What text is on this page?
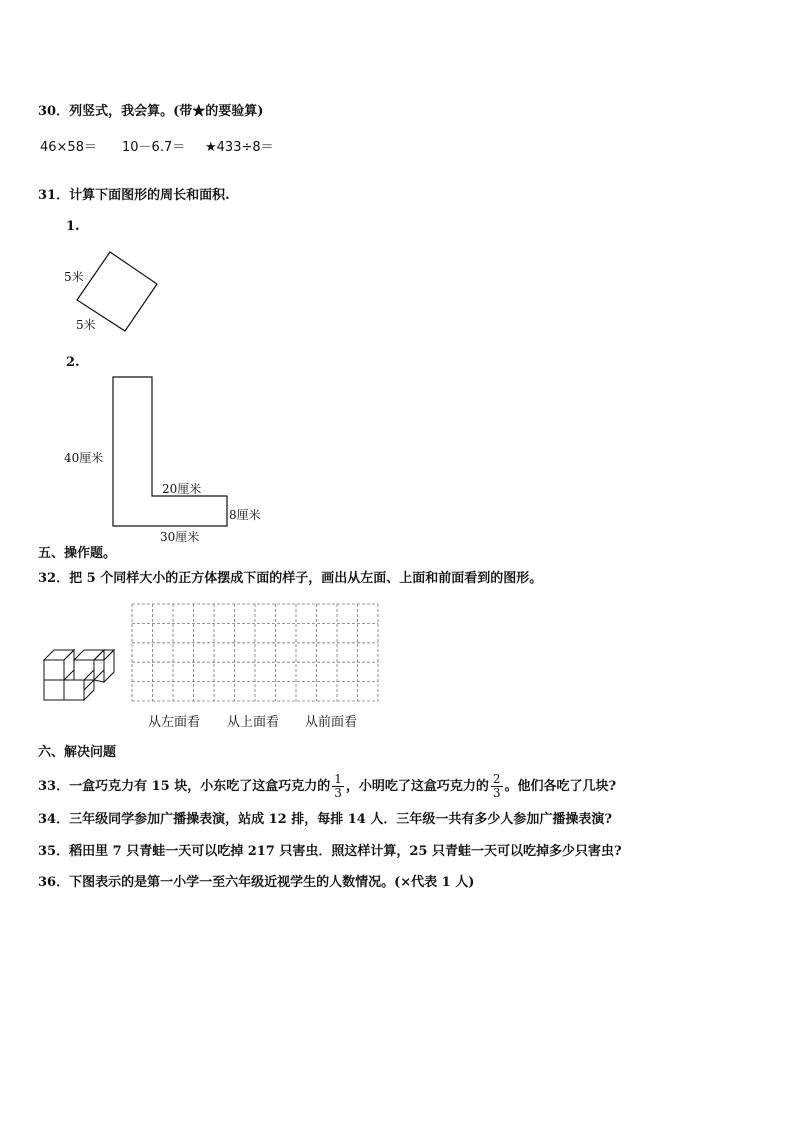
30．列竖式，我会算。(带★的要验算)
46×58＝ 10－6.7＝ ★433÷8＝
31．计算下面图形的周长和面积.
1.
5米
5米
2.
40厘米
20厘米
8厘米
30厘米
五、操作题。
32．把 5 个同样大小的正方体摆成下面的样子，画出从左面、上面和前面看到的图形。
从左面看 从上面看 从前面看
六、解决问题
33．一盒巧克力有 15 块，小东吃了这盒巧克力的 $\frac{1}{3}$ ，小明吃了这盒巧克力的 $\frac{2}{3}$ 。他们各吃了几块?
34．三年级同学参加广播操表演，站成 12 排，每排 14 人．三年级一共有多少人参加广播操表演?
35．稻田里 7 只青蛙一天可以吃掉 217 只害虫．照这样计算，25 只青蛙一天可以吃掉多少只害虫?
36．下图表示的是第一小学一至六年级近视学生的人数情况。(×代表 1 人)
